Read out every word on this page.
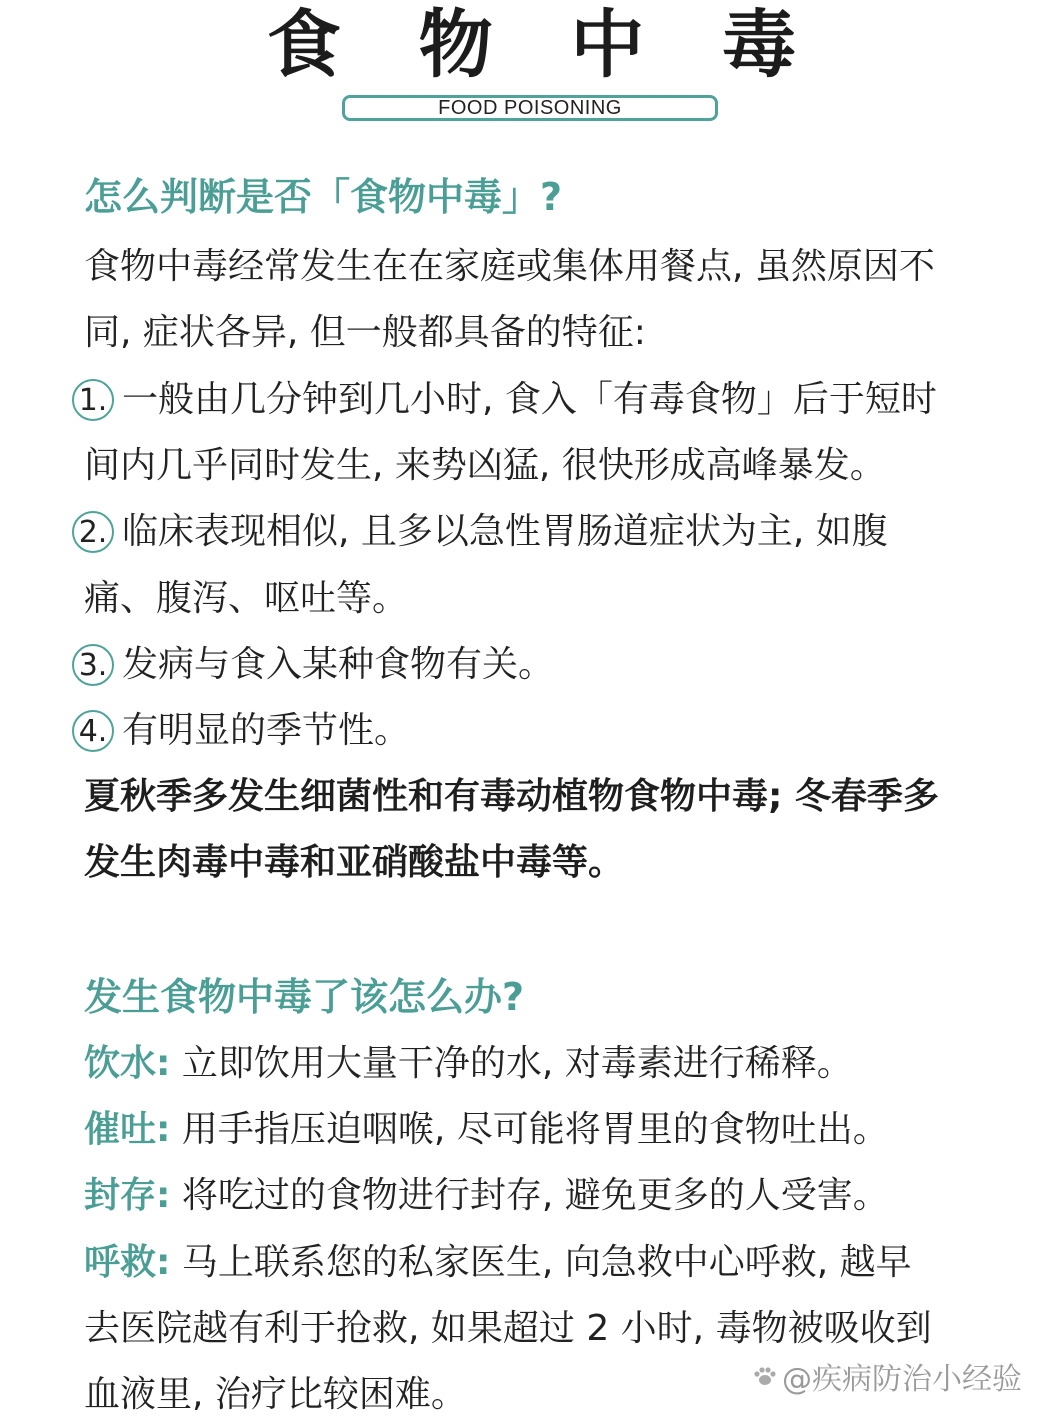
食 物 中 毒
FOOD POISONING
怎么判断是否「食物中毒」?
食物中毒经常发生在在家庭或集体用餐点, 虽然原因不
同, 症状各异, 但一般都具备的特征:
1. 一般由几分钟到几小时, 食入「有毒食物」后于短时
间内几乎同时发生, 来势凶猛, 很快形成高峰暴发。
2. 临床表现相似, 且多以急性胃肠道症状为主, 如腹
痛、腹泻、呕吐等。
3. 发病与食入某种食物有关。
4. 有明显的季节性。
夏秋季多发生细菌性和有毒动植物食物中毒; 冬春季多
发生肉毒中毒和亚硝酸盐中毒等。
发生食物中毒了该怎么办?
饮水: 立即饮用大量干净的水, 对毒素进行稀释。
催吐: 用手指压迫咽喉, 尽可能将胃里的食物吐出。
封存: 将吃过的食物进行封存, 避免更多的人受害。
呼救: 马上联系您的私家医生, 向急救中心呼救, 越早
去医院越有利于抢救, 如果超过 2 小时, 毒物被吸收到
血液里, 治疗比较困难。	@疾病防治小经验
